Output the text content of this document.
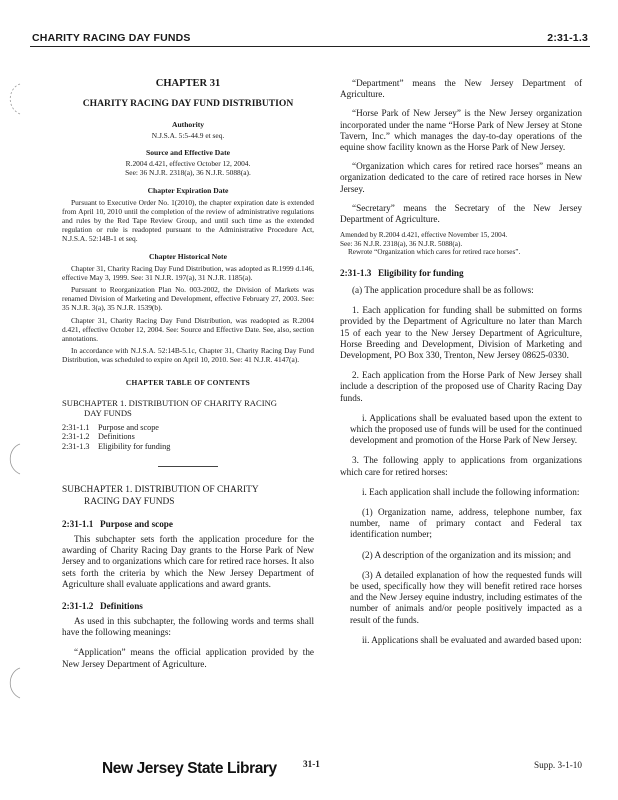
CHARITY RACING DAY FUNDS	2:31-1.3

CHAPTER 31

CHARITY RACING DAY FUND DISTRIBUTION

Authority

N.J.S.A. 5:5-44.9 et seq.

Source and Effective Date

R.2004 d.421, effective October 12, 2004.

See: 36 N.J.R. 2318(a), 36 N.J.R. 5088(a).

Chapter Expiration Date

Pursuant to Executive Order No. 1(2010), the chapter expiration date is extended from April 10, 2010 until the completion of the review of administrative regulations and rules by the Red Tape Review Group, and until such time as the extended regulation or rule is readopted pursuant to the Administrative Procedure Act, N.J.S.A. 52:14B-1 et seq.

Chapter Historical Note

Chapter 31, Charity Racing Day Fund Distribution, was adopted as R.1999 d.146, effective May 3, 1999. See: 31 N.J.R. 197(a), 31 N.J.R. 1185(a).

Pursuant to Reorganization Plan No. 003-2002, the Division of Markets was renamed Division of Marketing and Development, effective February 27, 2003. See: 35 N.J.R. 3(a), 35 N.J.R. 1539(b).

Chapter 31, Charity Racing Day Fund Distribution, was readopted as R.2004 d.421, effective October 12, 2004. See: Source and Effective Date. See, also, section annotations.

In accordance with N.J.S.A. 52:14B-5.1c, Chapter 31, Charity Racing Day Fund Distribution, was scheduled to expire on April 10, 2010. See: 41 N.J.R. 4147(a).

CHAPTER TABLE OF CONTENTS

SUBCHAPTER 1. DISTRIBUTION OF CHARITY RACING
DAY FUNDS

2:31-1.1	Purpose and scope
2:31-1.2	Definitions
2:31-1.3	Eligibility for funding

SUBCHAPTER 1. DISTRIBUTION OF CHARITY
RACING DAY FUNDS

2:31-1.1 Purpose and scope

This subchapter sets forth the application procedure for the awarding of Charity Racing Day grants to the Horse Park of New Jersey and to organizations which care for retired race horses. It also sets forth the criteria by which the New Jersey Department of Agriculture shall evaluate applications and award grants.

2:31-1.2 Definitions

As used in this subchapter, the following words and terms shall have the following meanings:

“Application” means the official application provided by the New Jersey Department of Agriculture.

“Department” means the New Jersey Department of Agriculture.

“Horse Park of New Jersey” is the New Jersey organization incorporated under the name “Horse Park of New Jersey at Stone Tavern, Inc.” which manages the day-to-day operations of the equine show facility known as the Horse Park of New Jersey.

“Organization which cares for retired race horses” means an organization dedicated to the care of retired race horses in New Jersey.

“Secretary” means the Secretary of the New Jersey Department of Agriculture.

Amended by R.2004 d.421, effective November 15, 2004.

See: 36 N.J.R. 2318(a), 36 N.J.R. 5088(a).

Rewrote “Organization which cares for retired race horses”.

2:31-1.3 Eligibility for funding

(a) The application procedure shall be as follows:

1. Each application for funding shall be submitted on forms provided by the Department of Agriculture no later than March 15 of each year to the New Jersey Department of Agriculture, Horse Breeding and Development, Division of Marketing and Development, PO Box 330, Trenton, New Jersey 08625-0330.

2. Each application from the Horse Park of New Jersey shall include a description of the proposed use of Charity Racing Day funds.

i. Applications shall be evaluated based upon the extent to which the proposed use of funds will be used for the continued development and promotion of the Horse Park of New Jersey.

3. The following apply to applications from organizations which care for retired horses:

i. Each application shall include the following information:

(1) Organization name, address, telephone number, fax number, name of primary contact and Federal tax identification number;

(2) A description of the organization and its mission; and

(3) A detailed explanation of how the requested funds will be used, specifically how they will benefit retired race horses and the New Jersey equine industry, including estimates of the number of animals and/or people positively impacted as a result of the funds.

ii. Applications shall be evaluated and awarded based upon:

New Jersey State Library	31-1	Supp. 3-1-10
